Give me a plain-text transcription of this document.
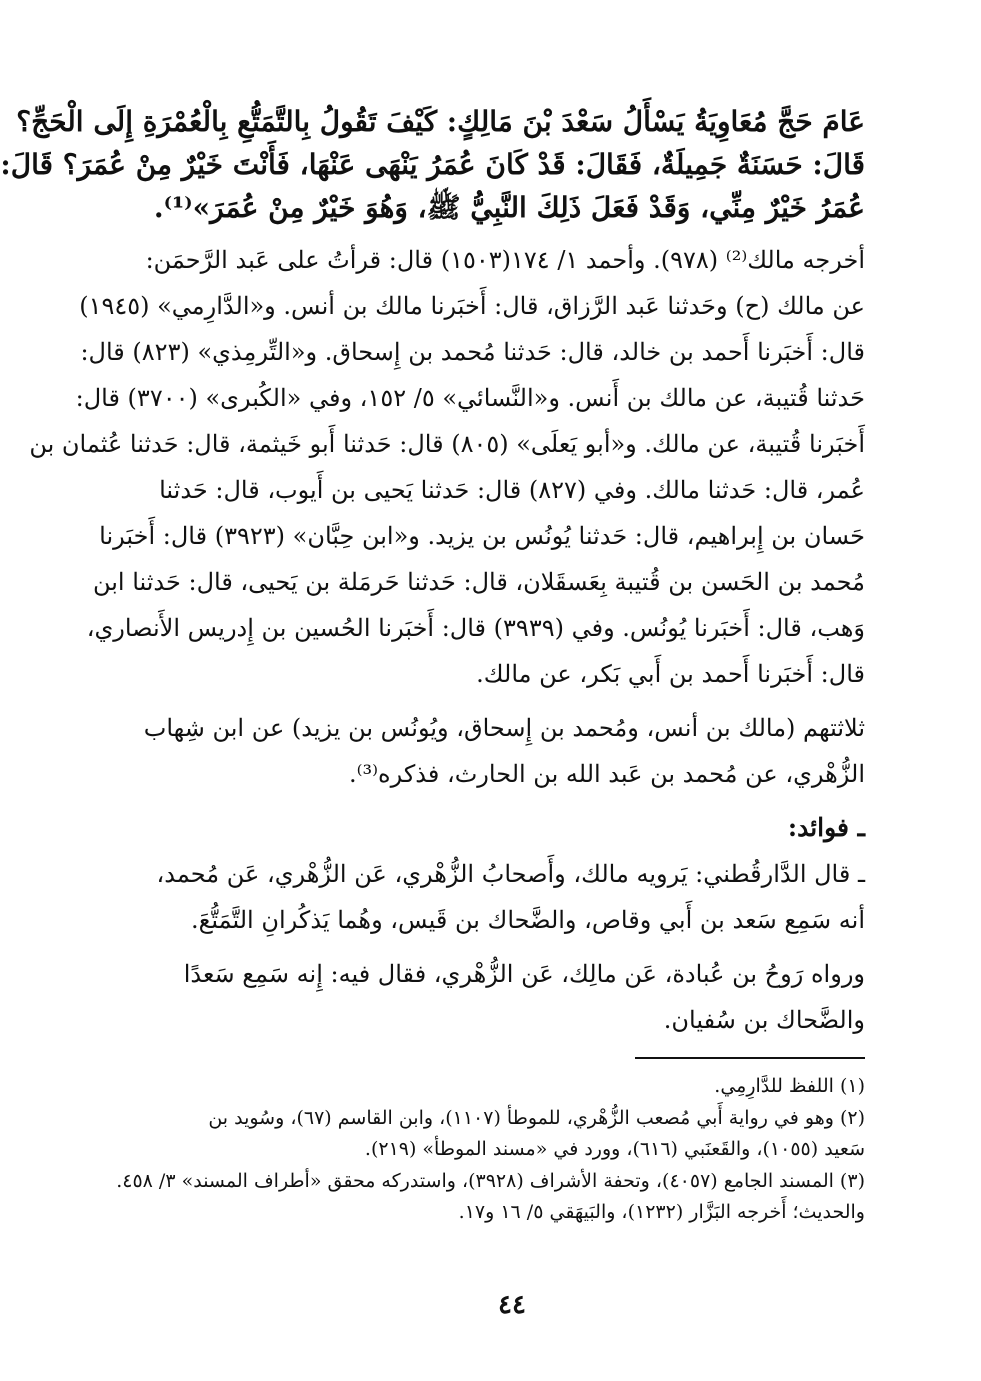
عَامَ حَجَّ مُعَاوِيَةُ يَسْأَلُ سَعْدَ بْنَ مَالِكٍ: كَيْفَ تَقُولُ بِالتَّمَتُّعِ بِالْعُمْرَةِ إِلَى الْحَجِّ؟
قَالَ: حَسَنَةٌ جَمِيلَةٌ، فَقَالَ: قَدْ كَانَ عُمَرُ يَنْهَى عَنْهَا، فَأَنْتَ خَيْرٌ مِنْ عُمَرَ؟ قَالَ:
عُمَرُ خَيْرٌ مِنِّي، وَقَدْ فَعَلَ ذَلِكَ النَّبِيُّ ﷺ، وَهُوَ خَيْرٌ مِنْ عُمَرَ»⁽¹⁾.
أخرجه مالك⁽²⁾ (٩٧٨). وأحمد ١/ ١٧٤(١٥٠٣) قال: قرأتُ على عَبد الرَّحمَن:
عن مالك (ح) وحَدثنا عَبد الرَّزاق، قال: أَخبَرنا مالك بن أنس. و«الدَّارِمي» (١٩٤٥)
قال: أَخبَرنا أَحمد بن خالد، قال: حَدثنا مُحمد بن إِسحاق. و«التِّرمِذي» (٨٢٣) قال:
حَدثنا قُتيبة، عن مالك بن أَنس. و«النَّسائي» ٥/ ١٥٢، وفي «الكُبرى» (٣٧٠٠) قال:
أَخبَرنا قُتيبة، عن مالك. و«أبو يَعلَى» (٨٠٥) قال: حَدثنا أَبو خَيثمة، قال: حَدثنا عُثمان بن
عُمر، قال: حَدثنا مالك. وفي (٨٢٧) قال: حَدثنا يَحيى بن أَيوب، قال: حَدثنا
حَسان بن إِبراهيم، قال: حَدثنا يُونُس بن يزيد. و«ابن حِبَّان» (٣٩٢٣) قال: أَخبَرنا
مُحمد بن الحَسن بن قُتيبة بِعَسقَلان، قال: حَدثنا حَرمَلة بن يَحيى، قال: حَدثنا ابن
وَهب، قال: أَخبَرنا يُونُس. وفي (٣٩٣٩) قال: أَخبَرنا الحُسين بن إِدريس الأَنصاري،
قال: أَخبَرنا أَحمد بن أَبي بَكر، عن مالك.
ثلاثتهم (مالك بن أنس، ومُحمد بن إِسحاق، ويُونُس بن يزيد) عن ابن شِهاب
الزُّهْري، عن مُحمد بن عَبد الله بن الحارث، فذكره⁽³⁾.
ـ فوائد:
ـ قال الدَّارقُطني: يَرويه مالك، وأَصحابُ الزُّهْري، عَن الزُّهْري، عَن مُحمد،
أنه سَمِع سَعد بن أَبي وقاص، والضَّحاك بن قَيس، وهُما يَذكُرانِ التَّمَتُّعَ.
ورواه رَوحُ بن عُبادة، عَن مالِك، عَن الزُّهْري، فقال فيه: إِنه سَمِع سَعدًا
والضَّحاك بن سُفيان.
(١) اللفظ للدَّارِمِي.
(٢) وهو في رواية أَبي مُصعب الزُّهْري، للموطأ (١١٠٧)، وابن القاسم (٦٧)، وسُويد بن
سَعيد (١٠٥٥)، والقَعنَبي (٦١٦)، وورد في «مسند الموطأ» (٢١٩).
(٣) المسند الجامع (٤٠٥٧)، وتحفة الأشراف (٣٩٢٨)، واستدركه محقق «أطراف المسند» ٣/ ٤٥٨.
والحديث؛ أَخرجه البَزَّار (١٢٣٢)، والبَيهَقي ٥/ ١٦ و١٧.
٤٤
